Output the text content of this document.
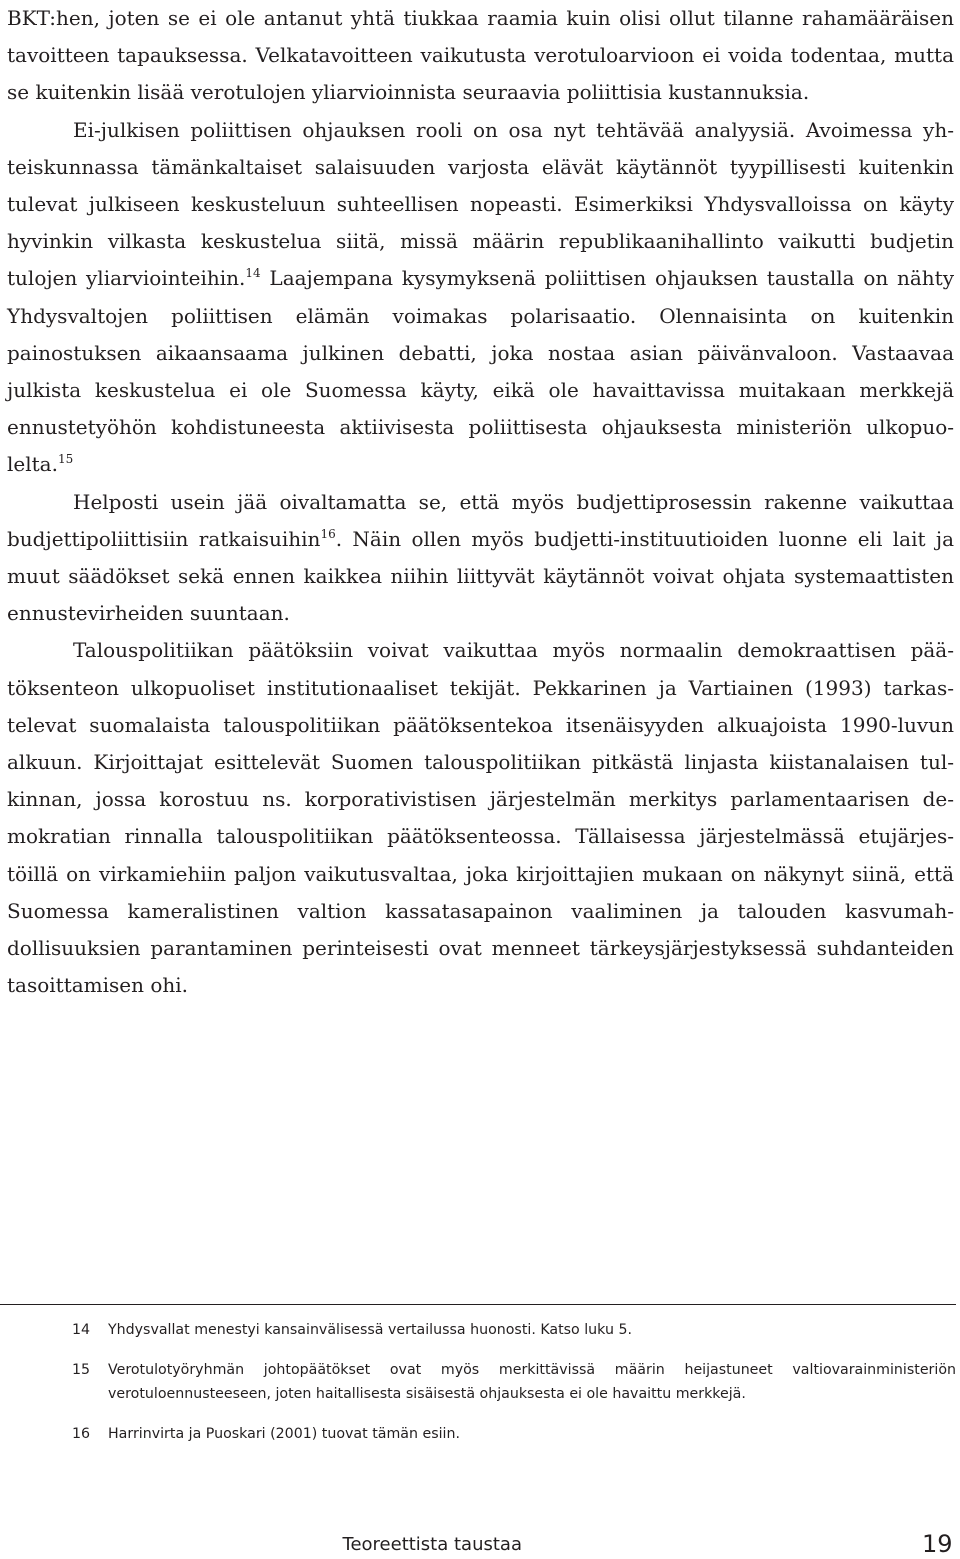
BKT:hen, joten se ei ole antanut yhtä tiukkaa raamia kuin olisi ollut tilanne rahamääräisen tavoitteen tapauksessa. Velkatavoitteen vaikutusta verotuloarvioon ei voida todentaa, mutta se kuitenkin lisää verotulojen yliarvioinnista seuraavia poliittisia kustannuksia.

Ei-julkisen poliittisen ohjauksen rooli on osa nyt tehtävää analyysiä. Avoimessa yhteiskunnassa tämänkaltaiset salaisuuden varjosta elävät käytännöt tyypillisesti kuitenkin tulevat julkiseen keskusteluun suhteellisen nopeasti. Esimerkiksi Yhdysvalloissa on käyty hyvinkin vilkasta keskustelua siitä, missä määrin republikaanihallinto vaikutti budjetin tulojen yliarviointeihin.$^{14}$ Laajempana kysymyksenä poliittisen ohjauksen taustalla on nähty Yhdysvaltojen poliittisen elämän voimakas polarisaatio. Olennaisinta on kuitenkin painostuksen aikaansaama julkinen debatti, joka nostaa asian päivänvaloon. Vastaavaa julkista keskustelua ei ole Suomessa käyty, eikä ole havaittavissa muitakaan merkkejä ennustetyöhön kohdistuneesta aktiivisesta poliittisesta ohjauksesta ministeriön ulkopuolelta.$^{15}$

Helposti usein jää oivaltamatta se, että myös budjettiprosessin rakenne vaikuttaa budjettipoliittisiin ratkaisuihin$^{16}$. Näin ollen myös budjetti-instituutioiden luonne eli lait ja muut säädökset sekä ennen kaikkea niihin liittyvät käytännöt voivat ohjata systemaattisten ennustevirheiden suuntaan.

Talouspolitiikan päätöksiin voivat vaikuttaa myös normaalin demokraattisen päätöksenteon ulkopuoliset institutionaaliset tekijät. Pekkarinen ja Vartiainen (1993) tarkastelevat suomalaista talouspolitiikan päätöksentekoa itsenäisyyden alkuajoista 1990-luvun alkuun. Kirjoittajat esittelevät Suomen talouspolitiikan pitkästä linjasta kiistanalaisen tulkinnan, jossa korostuu ns. korporativistisen järjestelmän merkitys parlamentaarisen demokratian rinnalla talouspolitiikan päätöksenteossa. Tällaisessa järjestelmässä etujärjestöillä on virkamiehiin paljon vaikutusvaltaa, joka kirjoittajien mukaan on näkynyt siinä, että Suomessa kameralistinen valtion kassatasapainon vaaliminen ja talouden kasvumahdollisuuksien parantaminen perinteisesti ovat menneet tärkeysjärjestyksessä suhdanteiden tasoittamisen ohi.

14 Yhdysvallat menestyi kansainvälisessä vertailussa huonosti. Katso luku 5.
15 Verotulotyöryhmän johtopäätökset ovat myös merkittävissä määrin heijastuneet valtiovarainministeriön verotuloennusteeseen, joten haitallisesta sisäisestä ohjauksesta ei ole havaittu merkkejä.
16 Harrinvirta ja Puoskari (2001) tuovat tämän esiin.
Teoreettista taustaa	19
